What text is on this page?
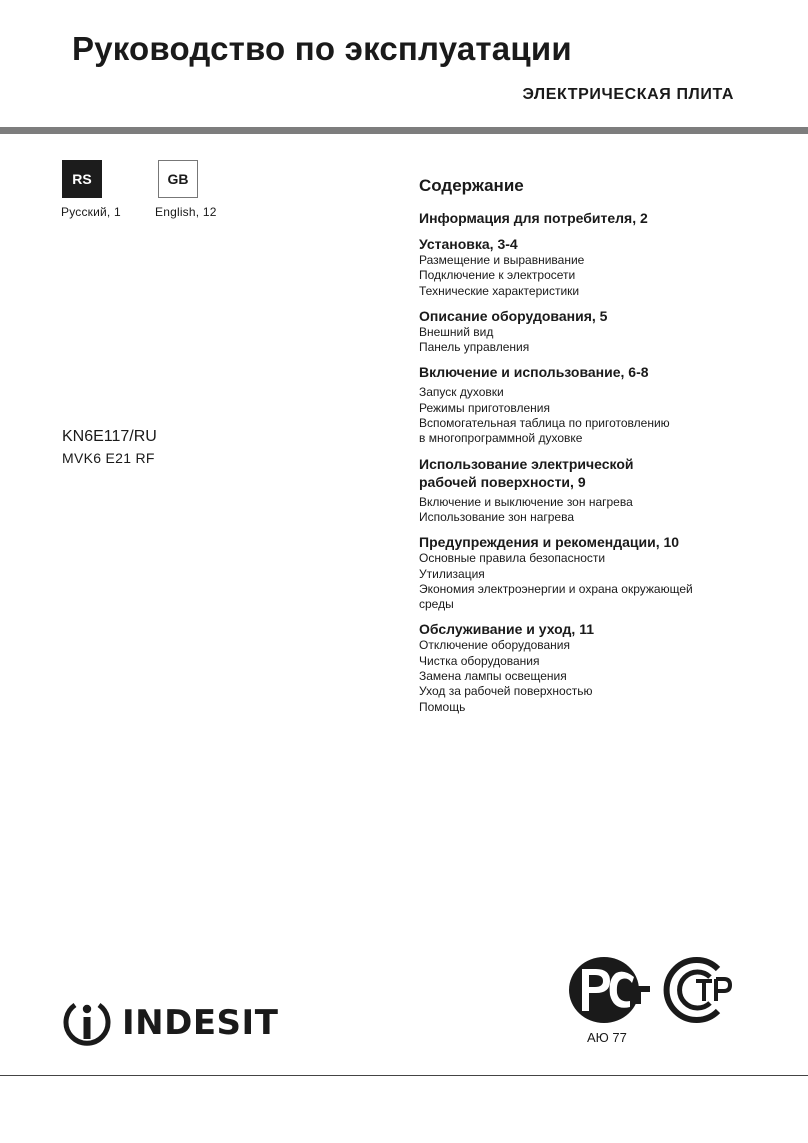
Руководство по эксплуатации
ЭЛЕКТРИЧЕСКАЯ ПЛИТА
RS	GB
Русский, 1	English, 12
KN6E117/RU
MVK6 E21 RF
Содержание
Информация для потребителя, 2
Установка, 3-4
Размещение и выравнивание
Подключение к электросети
Технические характеристики
Описание оборудования, 5
Внешний вид
Панель управления
Включение и использование, 6-8
Запуск духовки
Режимы приготовления
Вспомогательная таблица по приготовлению
в многопрограммной духовке
Использование электрической
рабочей поверхности, 9
Включение и выключение зон нагрева
Использование зон нагрева
Предупреждения и рекомендации, 10
Основные правила безопасности
Утилизация
Экономия электроэнергии и охрана окружающей
среды
Обслуживание и уход, 11
Отключение оборудования
Чистка оборудования
Замена лампы освещения
Уход за рабочей поверхностью
Помощь
INDESIT	АЮ 77
